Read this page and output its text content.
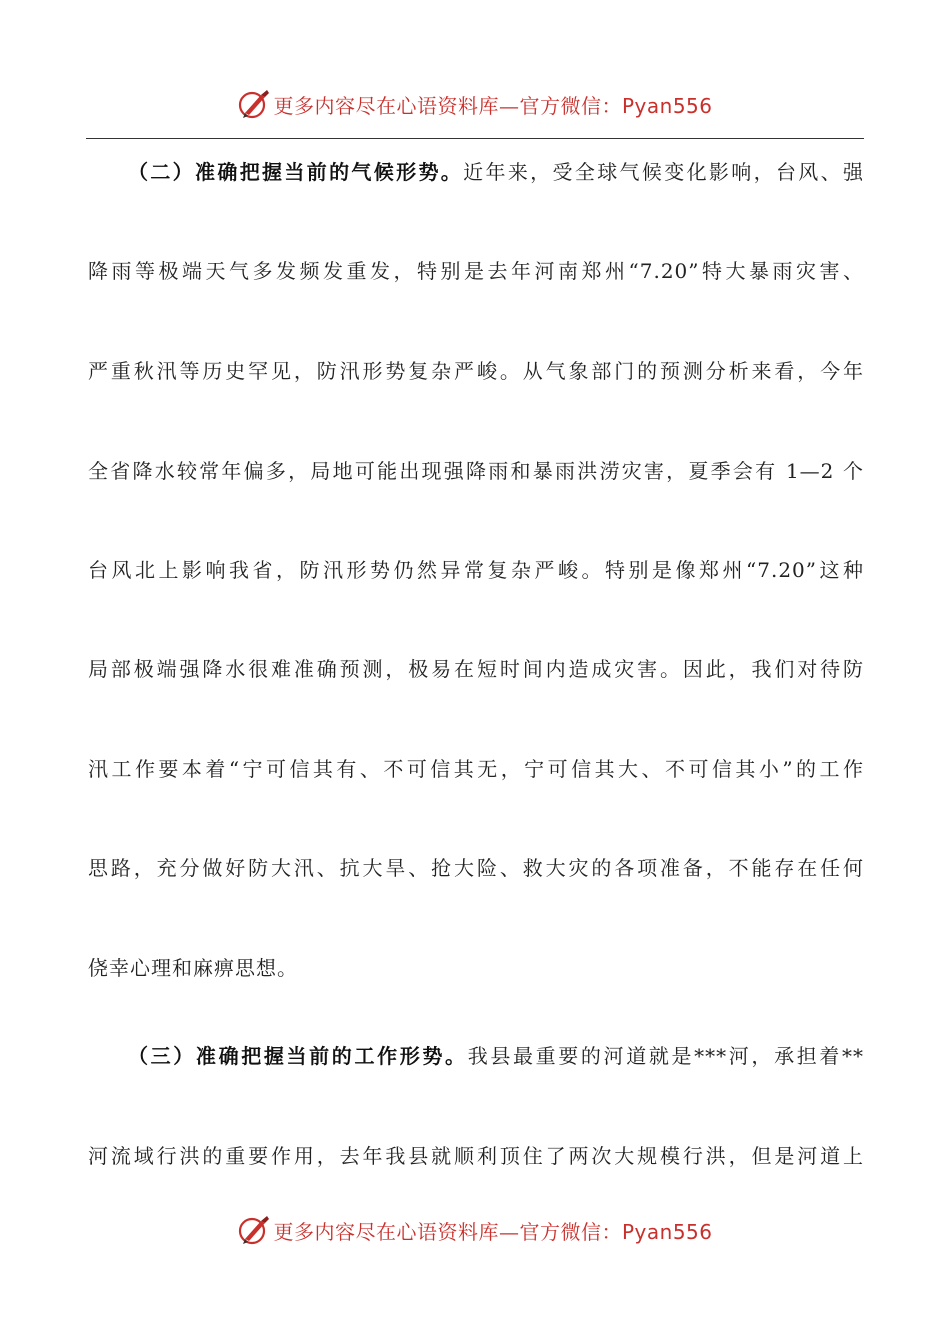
更多内容尽在心语资料库—官方微信：Pyan556
（二）准确把握当前的气候形势。近年来，受全球气候变化影响，台风、强
降雨等极端天气多发频发重发，特别是去年河南郑州“7.20”特大暴雨灾害、
严重秋汛等历史罕见，防汛形势复杂严峻。从气象部门的预测分析来看，今年
全省降水较常年偏多，局地可能出现强降雨和暴雨洪涝灾害，夏季会有 1—2 个
台风北上影响我省，防汛形势仍然异常复杂严峻。特别是像郑州“7.20”这种
局部极端强降水很难准确预测，极易在短时间内造成灾害。因此，我们对待防
汛工作要本着“宁可信其有、不可信其无，宁可信其大、不可信其小”的工作
思路，充分做好防大汛、抗大旱、抢大险、救大灾的各项准备，不能存在任何
侥幸心理和麻痹思想。
（三）准确把握当前的工作形势。我县最重要的河道就是***河，承担着**
河流域行洪的重要作用，去年我县就顺利顶住了两次大规模行洪，但是河道上
更多内容尽在心语资料库—官方微信：Pyan556
